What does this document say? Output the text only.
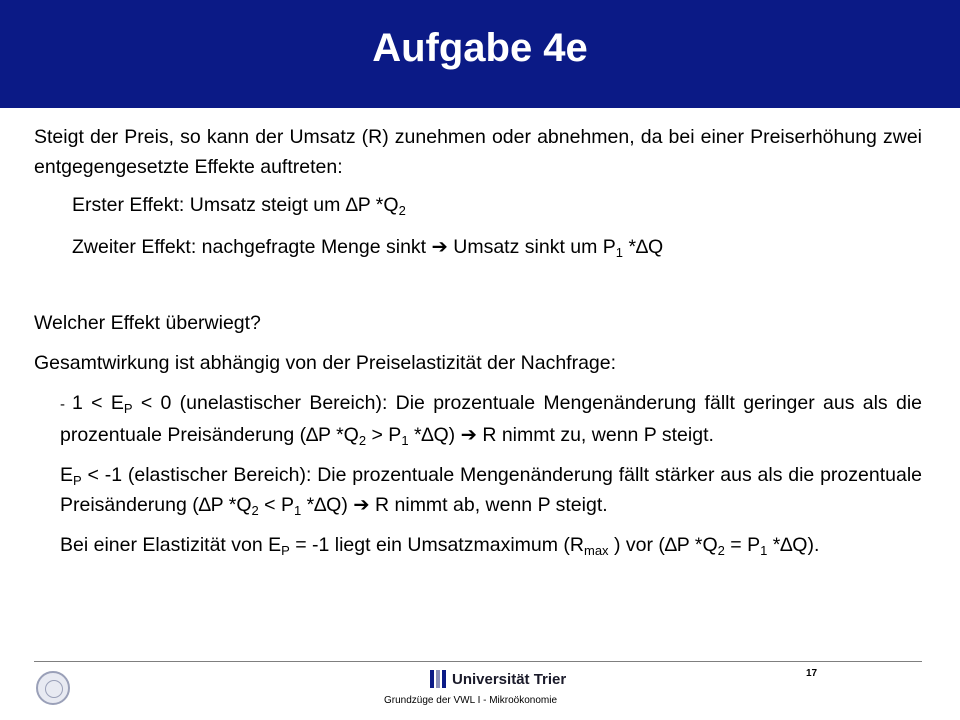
Aufgabe 4e
Steigt der Preis, so kann der Umsatz (R) zunehmen oder abnehmen, da bei einer Preiserhöhung zwei entgegengesetzte Effekte auftreten:
Erster Effekt: Umsatz steigt um ∆P $*Q_2$
Zweiter Effekt: nachgefragte Menge sinkt ➔ Umsatz sinkt um $P_1$ *∆Q
Welcher Effekt überwiegt?
Gesamtwirkung ist abhängig von der Preiselastizität der Nachfrage:
- $1 < E_P < 0$ (unelastischer Bereich): Die prozentuale Mengenänderung fällt geringer aus als die prozentuale Preisänderung (∆P $*Q_2 > P_1$ *∆Q) ➔ R nimmt zu, wenn P steigt.
$E_P < -1$ (elastischer Bereich): Die prozentuale Mengenänderung fällt stärker aus als die prozentuale Preisänderung (∆P $*Q_2 < P_1$ *∆Q) ➔ R nimmt ab, wenn P steigt.
Bei einer Elastizität von $E_P = -1$ liegt ein Umsatzmaximum ($R_{max}$ ) vor (∆P $*Q_2 = P_1$ *∆Q).
Universität Trier
Grundzüge der VWL I - Mikroökonomie
17
